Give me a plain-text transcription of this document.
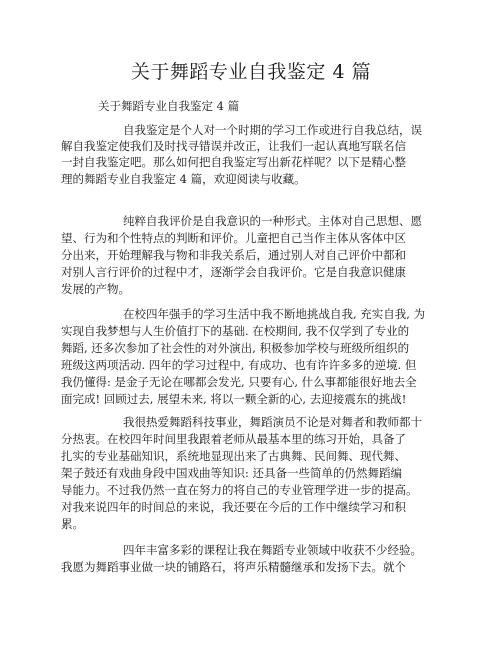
关于舞蹈专业自我鉴定 4 篇
关于舞蹈专业自我鉴定 4 篇
自我鉴定是个人对一个时期的学习工作或进行自我总结，误
解自我鉴定使我们及时找寻错误并改正，让我们一起认真地写联名信
一封自我鉴定吧。那么如何把自我鉴定写出新花样呢？以下是精心整
理的舞蹈专业自我鉴定 4 篇，欢迎阅读与收藏。
纯粹自我评价是自我意识的一种形式。主体对自己思想、愿
望、行为和个性特点的判断和评价。儿童把自己当作主体从客体中区
分出来，开始理解我与物和非我关系后，通过别人对自己评价中都和
对别人言行评价的过程中才，逐渐学会自我评价。它是自我意识健康
发展的产物。
在校四年强手的学习生活中我不断地挑战自我, 充实自我, 为
实现自我梦想与人生价值打下的基础. 在校期间, 我不仅学到了专业的
舞蹈, 还多次参加了社会性的对外演出, 积极参加学校与班级所组织的
班级这两项活动. 四年的学习过程中, 有成功、也有许许多多的逆境. 但
我仍懂得: 是金子无论在哪都会发光, 只要有心, 什么事都能很好地去全
面完成! 回顾过去, 展望未来, 将以一颗全新的心, 去迎接震东的挑战!
我很热爱舞蹈科技事业，舞蹈演员不论是对舞者和教师都十
分热衷。在校四年时间里我跟着老师从最基本里的练习开始，具备了
扎实的专业基础知识，系统地显现出来了古典舞、民间舞、现代舞、
架子鼓还有戏曲身段中国戏曲等知识: 还具备一些简单的仍然舞蹈编
导能力。不过我仍然一直在努力的将自己的专业管理学进一步的提高。
对我来说四年的时间总的来说，我还要在今后的工作中继续学习和积
累。
四年丰富多彩的课程让我在舞蹈专业领域中收获不少经验。
我愿为舞蹈事业做一块的铺路石，将声乐精髓继承和发扬下去。就个
